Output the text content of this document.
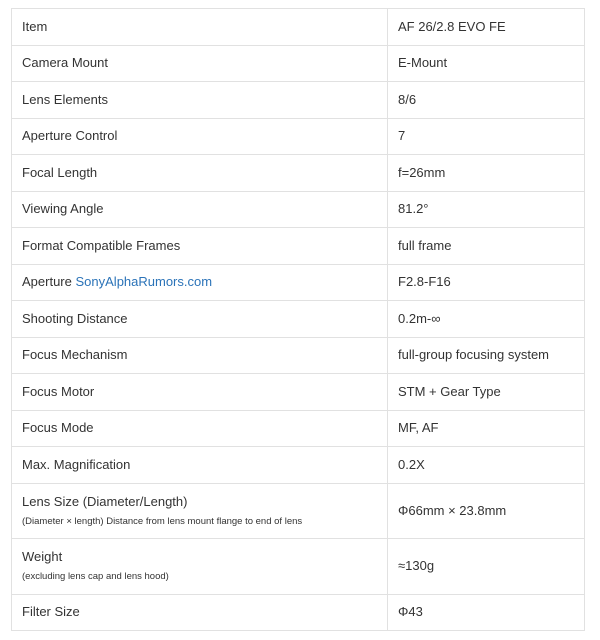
Item	AF 26/2.8 EVO FE
Camera Mount	E-Mount
Lens Elements	8/6
Aperture Control	7
Focal Length	f=26mm
Viewing Angle	81.2°
Format Compatible Frames	full frame
Aperture SonyAlphaRumors.com	F2.8-F16
Shooting Distance	0.2m-∞
Focus Mechanism	full-group focusing system
Focus Motor	STM + Gear Type
Focus Mode	MF, AF
Max. Magnification	0.2X
Lens Size (Diameter/Length)
(Diameter × length) Distance from lens mount flange to end of lens	Φ66mm × 23.8mm
Weight
(excluding lens cap and lens hood)	≈130g
Filter Size	Φ43
